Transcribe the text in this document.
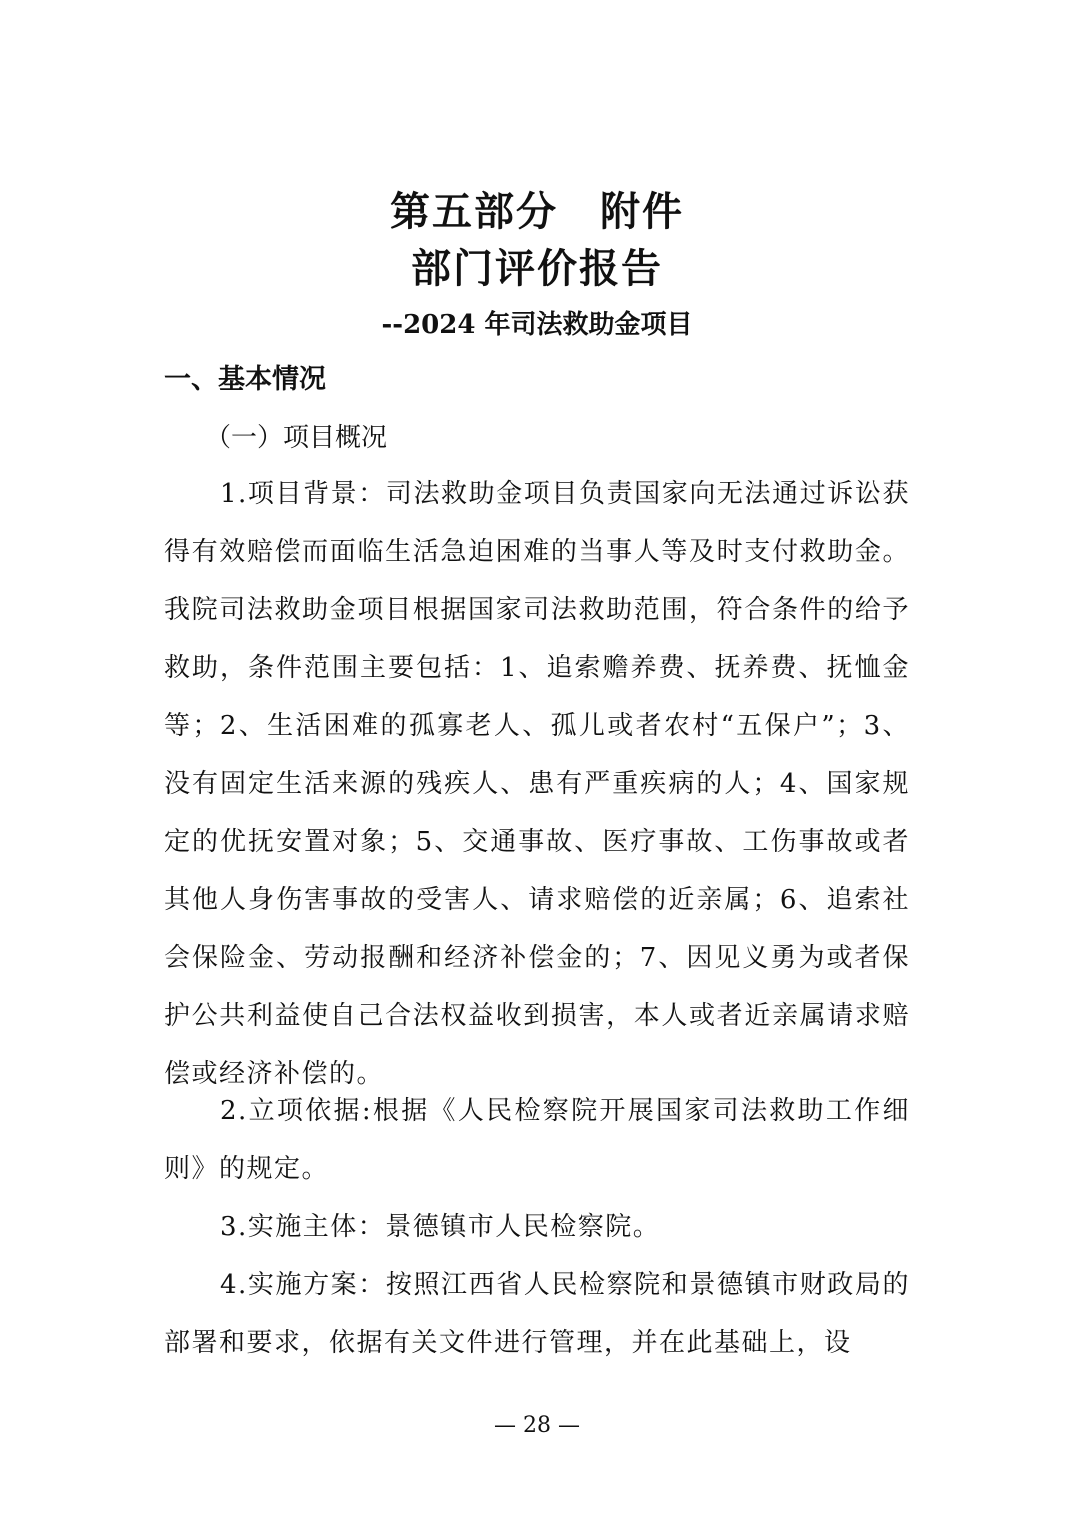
第五部分　附件
部门评价报告
--2024 年司法救助金项目
一、基本情况
（一）项目概况

1.项目背景：司法救助金项目负责国家向无法通过诉讼获得有效赔偿而面临生活急迫困难的当事人等及时支付救助金。我院司法救助金项目根据国家司法救助范围，符合条件的给予救助，条件范围主要包括：1、追索赡养费、抚养费、抚恤金等；2、生活困难的孤寡老人、孤儿或者农村“五保户”；3、没有固定生活来源的残疾人、患有严重疾病的人；4、国家规定的优抚安置对象；5、交通事故、医疗事故、工伤事故或者其他人身伤害事故的受害人、请求赔偿的近亲属；6、追索社会保险金、劳动报酬和经济补偿金的；7、因见义勇为或者保护公共利益使自己合法权益收到损害，本人或者近亲属请求赔偿或经济补偿的。

2.立项依据:根据《人民检察院开展国家司法救助工作细则》的规定。

3.实施主体：景德镇市人民检察院。

4.实施方案：按照江西省人民检察院和景德镇市财政局的部署和要求，依据有关文件进行管理，并在此基础上，设

— 28 —
